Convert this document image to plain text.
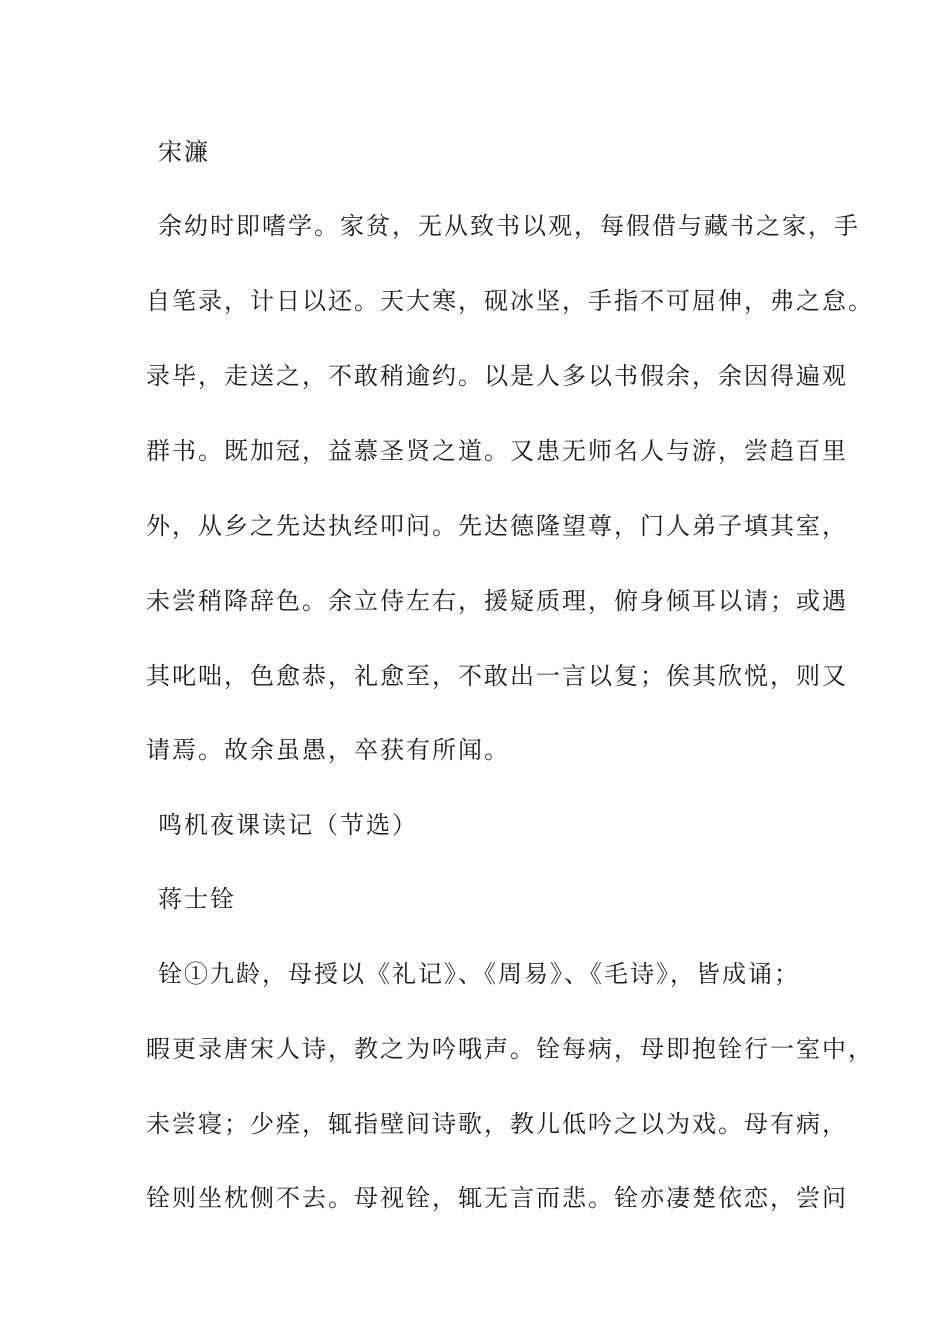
宋濂
余幼时即嗜学。家贫，无从致书以观，每假借与藏书之家，手
自笔录，计日以还。天大寒，砚冰坚，手指不可屈伸，弗之怠。
录毕，走送之，不敢稍逾约。以是人多以书假余，余因得遍观
群书。既加冠，益慕圣贤之道。又患无师名人与游，尝趋百里
外，从乡之先达执经叩问。先达德隆望尊，门人弟子填其室，
未尝稍降辞色。余立侍左右，援疑质理，俯身倾耳以请；或遇
其叱咄，色愈恭，礼愈至，不敢出一言以复；俟其欣悦，则又
请焉。故余虽愚，卒获有所闻。
鸣机夜课读记（节选）
蒋士铨
铨①九龄，母授以《礼记》、《周易》、《毛诗》，皆成诵；
暇更录唐宋人诗，教之为吟哦声。铨每病，母即抱铨行一室中，
未尝寝；少痊，辄指壁间诗歌，教儿低吟之以为戏。母有病，
铨则坐枕侧不去。母视铨，辄无言而悲。铨亦凄楚依恋，尝问
